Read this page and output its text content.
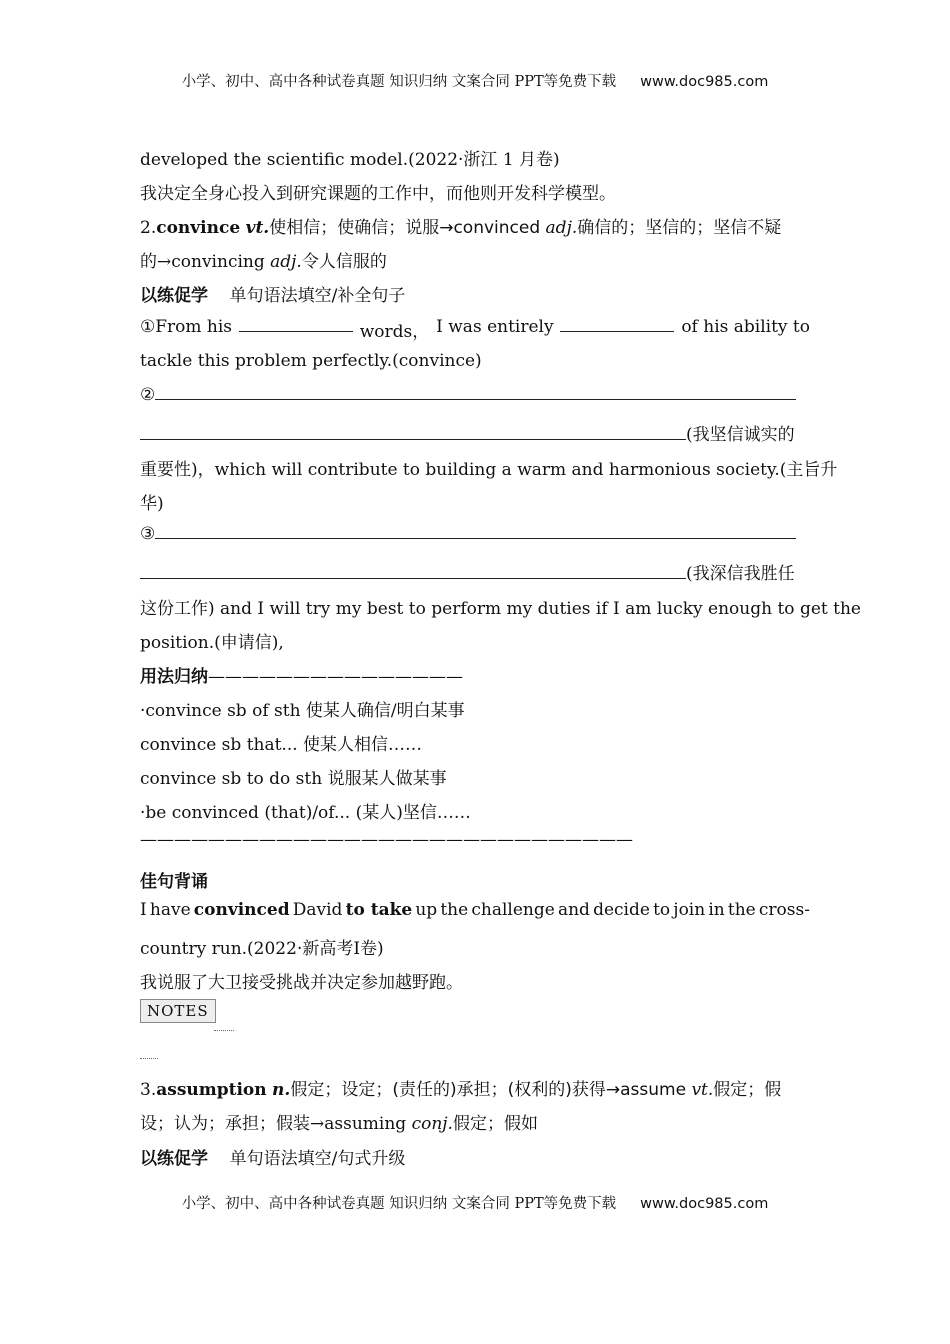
小学、初中、高中各种试卷真题 知识归纳 文案合同 PPT等免费下载 www.doc985.com
developed the scientific model.(2022·浙江 1 月卷)
我决定全身心投入到研究课题的工作中，而他则开发科学模型。
2.convince vt.使相信；使确信；说服→convinced adj.确信的；坚信的；坚信不疑
的→convincing adj.令人信服的
以练促学 单句语法填空/补全句子
①From his	words， I was entirely	of his ability to
tackle this problem perfectly.(convince)
②
(我坚信诚实的
重要性)，which will contribute to building a warm and harmonious society.(主旨升
华)
③
(我深信我胜任
这份工作) and I will try my best to perform my duties if I am lucky enough to get the
position.(申请信),
用法归纳———————————————
·convince sb of sth 使某人确信/明白某事
convince sb that... 使某人相信……
convince sb to do sth 说服某人做某事
·be convinced (that)/of... (某人)坚信……
—————————————————————————————
佳句背诵
I have convinced David to take up the challenge and decide to join in the cross-
country run.(2022·新高考Ⅰ卷)
我说服了大卫接受挑战并决定参加越野跑。
NOTES
3.assumption n.假定；设定；(责任的)承担；(权利的)获得→assume vt.假定；假
设；认为；承担；假装→assuming conj.假定；假如
以练促学 单句语法填空/句式升级
小学、初中、高中各种试卷真题 知识归纳 文案合同 PPT等免费下载 www.doc985.com
